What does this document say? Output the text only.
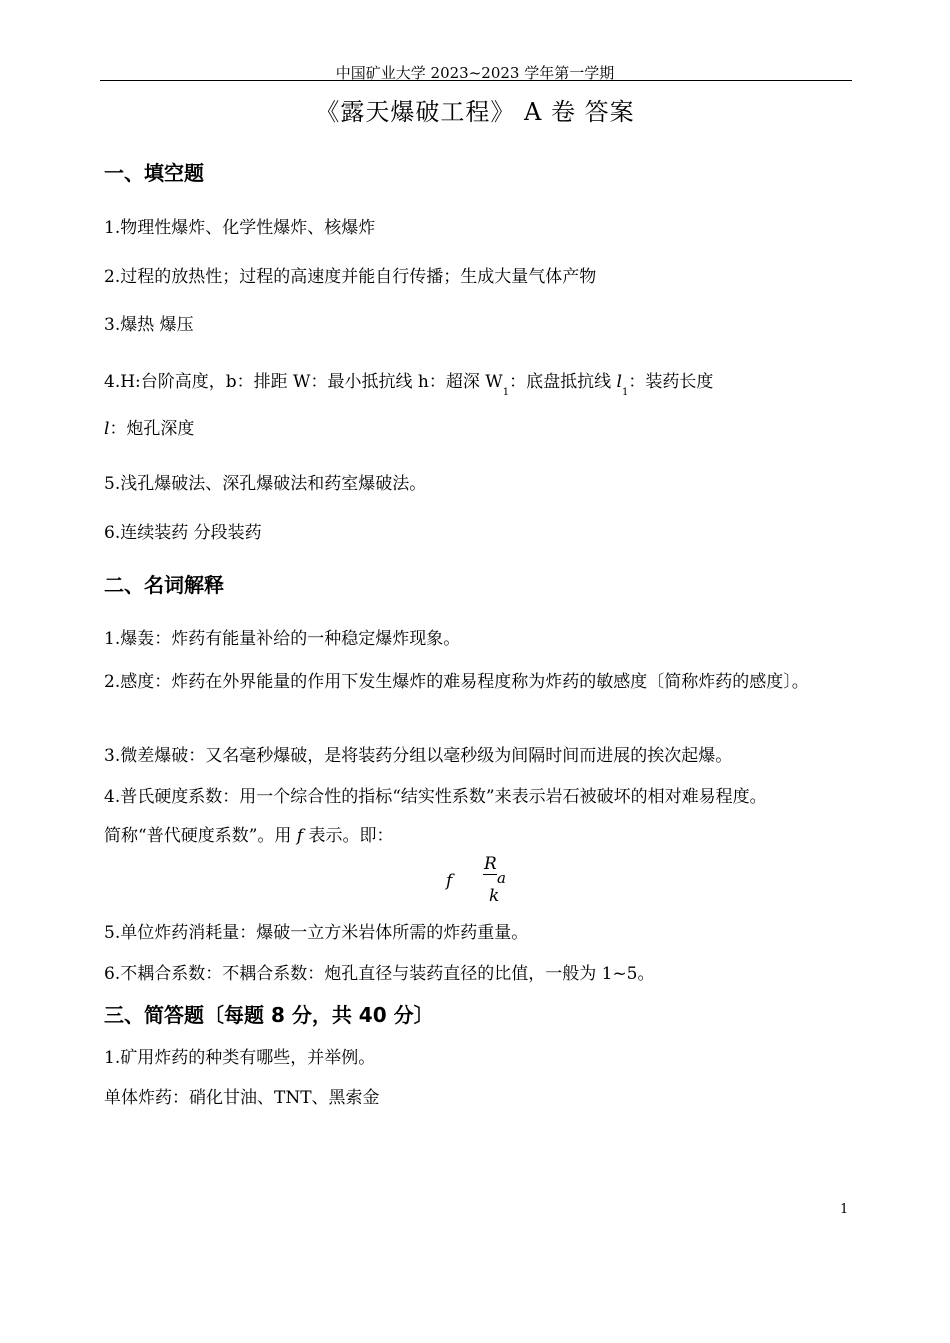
中国矿业大学 2023~2023 学年第一学期
《露天爆破工程》 A 卷 答案
一、填空题
1.物理性爆炸、化学性爆炸、核爆炸
2.过程的放热性；过程的高速度并能自行传播；生成大量气体产物
3.爆热 爆压
4.H:台阶高度，b：排距 W：最小抵抗线 h：超深 $W_1$：底盘抵抗线 $l_1$：装药长度
l：炮孔深度
5.浅孔爆破法、深孔爆破法和药室爆破法。
6.连续装药 分段装药
二、名词解释
1.爆轰：炸药有能量补给的一种稳定爆炸现象。
2.感度：炸药在外界能量的作用下发生爆炸的难易程度称为炸药的敏感度〔简称炸药的感度〕。
3.微差爆破：又名毫秒爆破，是将装药分组以毫秒级为间隔时间而进展的挨次起爆。
4.普氏硬度系数：用一个综合性的指标“结实性系数”来表示岩石被破坏的相对难易程度。
简称“普代硬度系数”。用 f 表示。即：
f
R
a
k
5.单位炸药消耗量：爆破一立方米岩体所需的炸药重量。
6.不耦合系数：不耦合系数：炮孔直径与装药直径的比值，一般为 1~5。
三、简答题〔每题 8 分，共 40 分〕
1.矿用炸药的种类有哪些，并举例。
单体炸药：硝化甘油、TNT、黑索金
1
